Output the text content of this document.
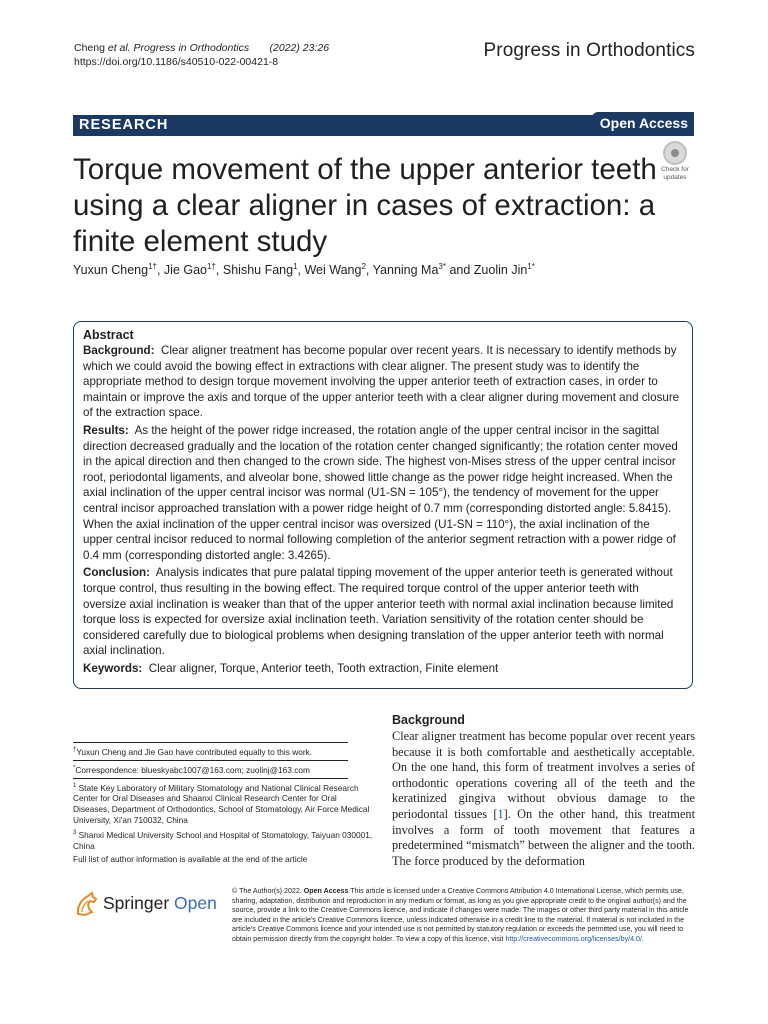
Cheng et al. Progress in Orthodontics (2022) 23:26
https://doi.org/10.1186/s40510-022-00421-8
Progress in Orthodontics
RESEARCH	Open Access
Check for
updates
Torque movement of the upper anterior teeth using a clear aligner in cases of extraction: a finite element study
Yuxun Cheng$^{1\dagger}$, Jie Gao$^{1\dagger}$, Shishu Fang$^1$, Wei Wang$^2$, Yanning $Ma^{3*}$ and Zuolin Jin$^{1*}$
Abstract

Background: Clear aligner treatment has become popular over recent years. It is necessary to identify methods by which we could avoid the bowing effect in extractions with clear aligner. The present study was to identify the appropriate method to design torque movement involving the upper anterior teeth of extraction cases, in order to maintain or improve the axis and torque of the upper anterior teeth with a clear aligner during movement and closure of the extraction space.

Results: As the height of the power ridge increased, the rotation angle of the upper central incisor in the sagittal direction decreased gradually and the location of the rotation center changed significantly; the rotation center moved in the apical direction and then changed to the crown side. The highest von-Mises stress of the upper central incisor root, periodontal ligaments, and alveolar bone, showed little change as the power ridge height increased. When the axial inclination of the upper central incisor was normal (U1-SN = 105°), the tendency of movement for the upper central incisor approached translation with a power ridge height of 0.7 mm (corresponding distorted angle: 5.8415). When the axial inclination of the upper central incisor was oversized (U1-SN = 110°), the axial inclination of the upper central incisor reduced to normal following completion of the anterior segment retraction with a power ridge of 0.4 mm (corresponding distorted angle: 3.4265).

Conclusion: Analysis indicates that pure palatal tipping movement of the upper anterior teeth is generated without torque control, thus resulting in the bowing effect. The required torque control of the upper anterior teeth with oversize axial inclination is weaker than that of the upper anterior teeth with normal axial inclination because limited torque loss is expected for oversize axial inclination teeth. Variation sensitivity of the rotation center should be considered carefully due to biological problems when designing translation of the upper anterior teeth with normal axial inclination.

Keywords: Clear aligner, Torque, Anterior teeth, Tooth extraction, Finite element

†Yuxun Cheng and Jie Gao have contributed equally to this work.

*Correspondence: blueskyabc1007@163.com; zuolinj@163.com

$^1$ State Key Laboratory of Military Stomatology and National Clinical Research Center for Oral Diseases and Shaanxi Clinical Research Center for Oral Diseases, Department of Orthodontics, School of Stomatology, Air Force Medical University, Xi'an 710032, China

$^3$ Shanxi Medical University School and Hospital of Stomatology, Taiyuan 030001, China

Full list of author information is available at the end of the article

Background

Clear aligner treatment has become popular over recent years because it is both comfortable and aesthetically acceptable. On the one hand, this form of treatment involves a series of orthodontic operations covering all of the teeth and the keratinized gingiva without obvious damage to the periodontal tissues [1]. On the other hand, this treatment involves a form of tooth movement that features a predetermined “mismatch” between the aligner and the tooth. The force produced by the deformation

Springer Open
© The Author(s) 2022. Open Access This article is licensed under a Creative Commons Attribution 4.0 International License, which permits use, sharing, adaptation, distribution and reproduction in any medium or format, as long as you give appropriate credit to the original author(s) and the source, provide a link to the Creative Commons licence, and indicate if changes were made. The images or other third party material in this article are included in the article's Creative Commons licence, unless indicated otherwise in a credit line to the material. If material is not included in the article's Creative Commons licence and your intended use is not permitted by statutory regulation or exceeds the permitted use, you will need to obtain permission directly from the copyright holder. To view a copy of this licence, visit http://creativecommons.org/licenses/by/4.0/.
